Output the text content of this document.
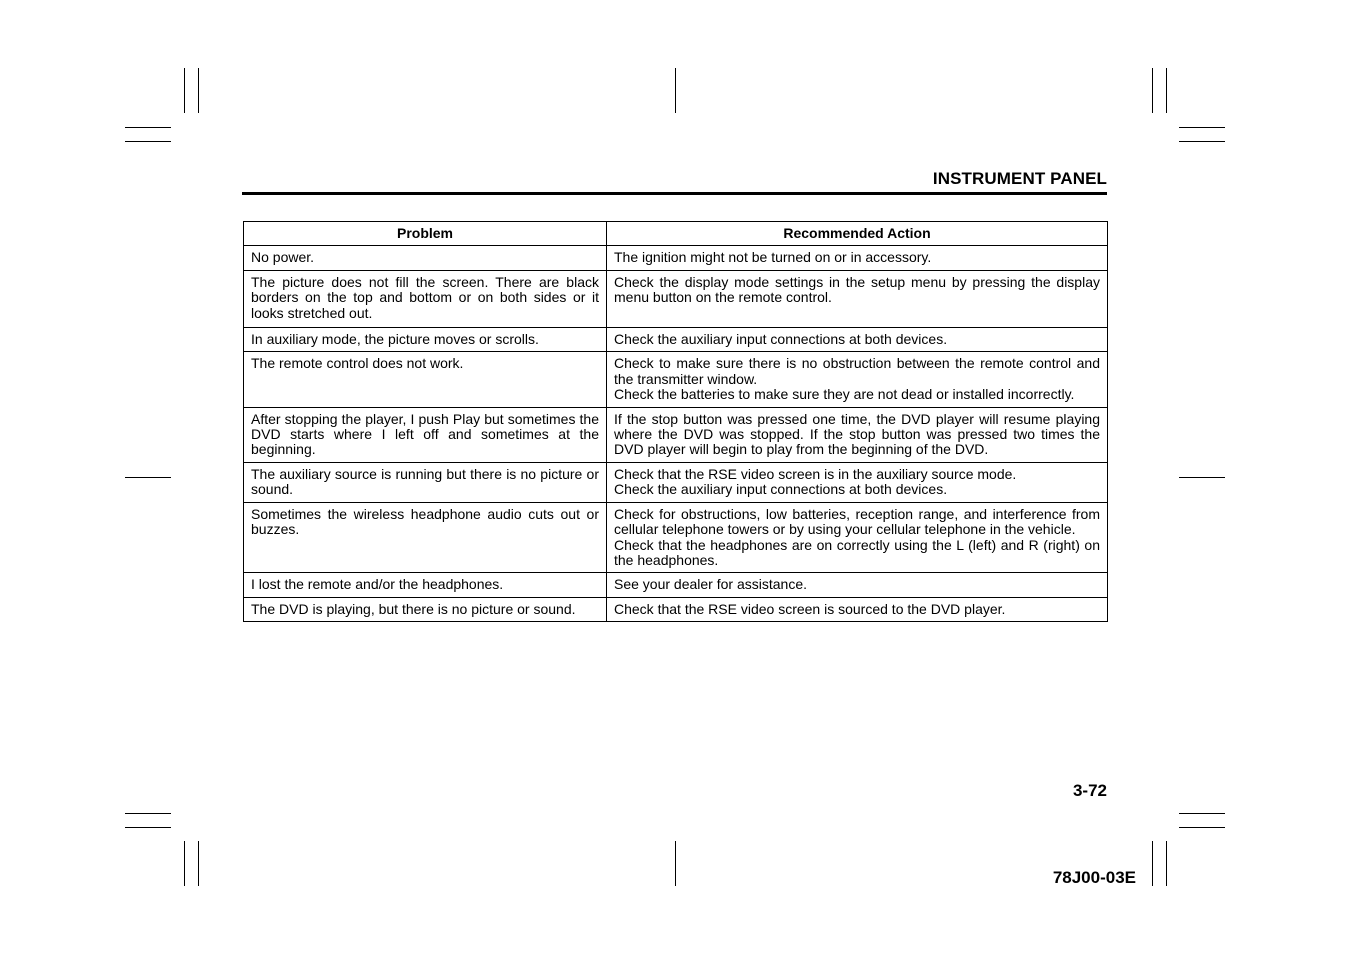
INSTRUMENT PANEL
Problem	Recommended Action
No power.	The ignition might not be turned on or in accessory.

The picture does not fill the screen. There are black borders on the top and bottom or on both sides or it looks stretched out.	Check the display mode settings in the setup menu by pressing the display menu button on the remote control.

In auxiliary mode, the picture moves or scrolls.	Check the auxiliary input connections at both devices.

The remote control does not work.	Check to make sure there is no obstruction between the remote control and the transmitter window.
Check the batteries to make sure they are not dead or installed incorrectly.

After stopping the player, I push Play but sometimes the DVD starts where I left off and sometimes at the beginning.	If the stop button was pressed one time, the DVD player will resume playing where the DVD was stopped. If the stop button was pressed two times the DVD player will begin to play from the beginning of the DVD.

The auxiliary source is running but there is no picture or sound.	Check that the RSE video screen is in the auxiliary source mode.
Check the auxiliary input connections at both devices.

Sometimes the wireless headphone audio cuts out or buzzes.	Check for obstructions, low batteries, reception range, and interference from cellular telephone towers or by using your cellular telephone in the vehicle.
Check that the headphones are on correctly using the L (left) and R (right) on the headphones.

I lost the remote and/or the headphones.	See your dealer for assistance.

The DVD is playing, but there is no picture or sound.	Check that the RSE video screen is sourced to the DVD player.
3-72
78J00-03E
